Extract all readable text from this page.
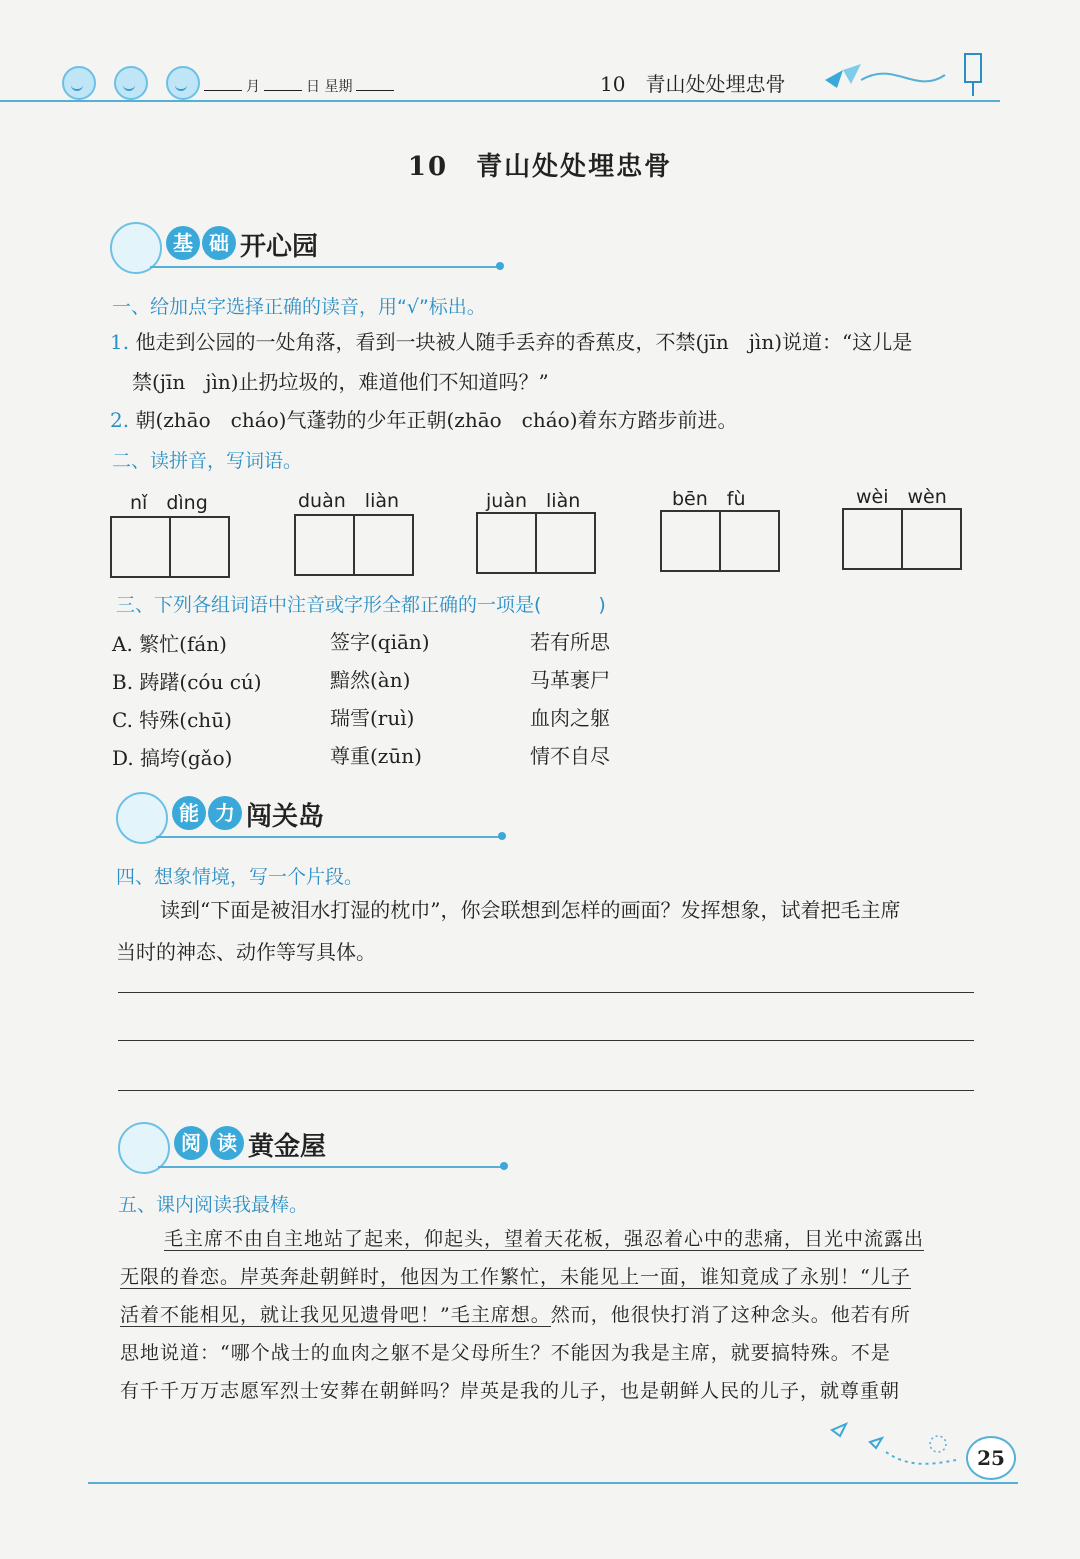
月	日 星期	10　青山处处埋忠骨
10　青山处处埋忠骨
基 础 开心园
一、给加点字选择正确的读音，用“√”标出。
1. 他走到公园的一处角落，看到一块被人随手丢弃的香蕉皮，不禁(jīn　jìn)说道：“这儿是
禁(jīn　jìn)止扔垃圾的，难道他们不知道吗？”
2. 朝(zhāo　cháo)气蓬勃的少年正朝(zhāo　cháo)着东方踏步前进。
二、读拼音，写词语。
nǐ　dìng	duàn　liàn	juàn　liàn	bēn　fù	wèi　wèn
三、下列各组词语中注音或字形全都正确的一项是(　　　)
A. 繁忙(fán)	签字(qiān)	若有所思
B. 踌躇(cóu cú)	黯然(àn)	马革裹尸
C. 特殊(chū)	瑞雪(ruì)	血肉之躯
D. 搞垮(gǎo)	尊重(zūn)	情不自尽
能 力 闯关岛
四、想象情境，写一个片段。
读到“下面是被泪水打湿的枕巾”，你会联想到怎样的画面？发挥想象，试着把毛主席
当时的神态、动作等写具体。
阅 读 黄金屋
五、课内阅读我最棒。
毛主席不由自主地站了起来，仰起头，望着天花板，强忍着心中的悲痛，目光中流露出
无限的眷恋。岸英奔赴朝鲜时，他因为工作繁忙，未能见上一面，谁知竟成了永别！“儿子
活着不能相见，就让我见见遗骨吧！”毛主席想。然而，他很快打消了这种念头。他若有所
思地说道：“哪个战士的血肉之躯不是父母所生？不能因为我是主席，就要搞特殊。不是
有千千万万志愿军烈士安葬在朝鲜吗？岸英是我的儿子，也是朝鲜人民的儿子，就尊重朝
25
